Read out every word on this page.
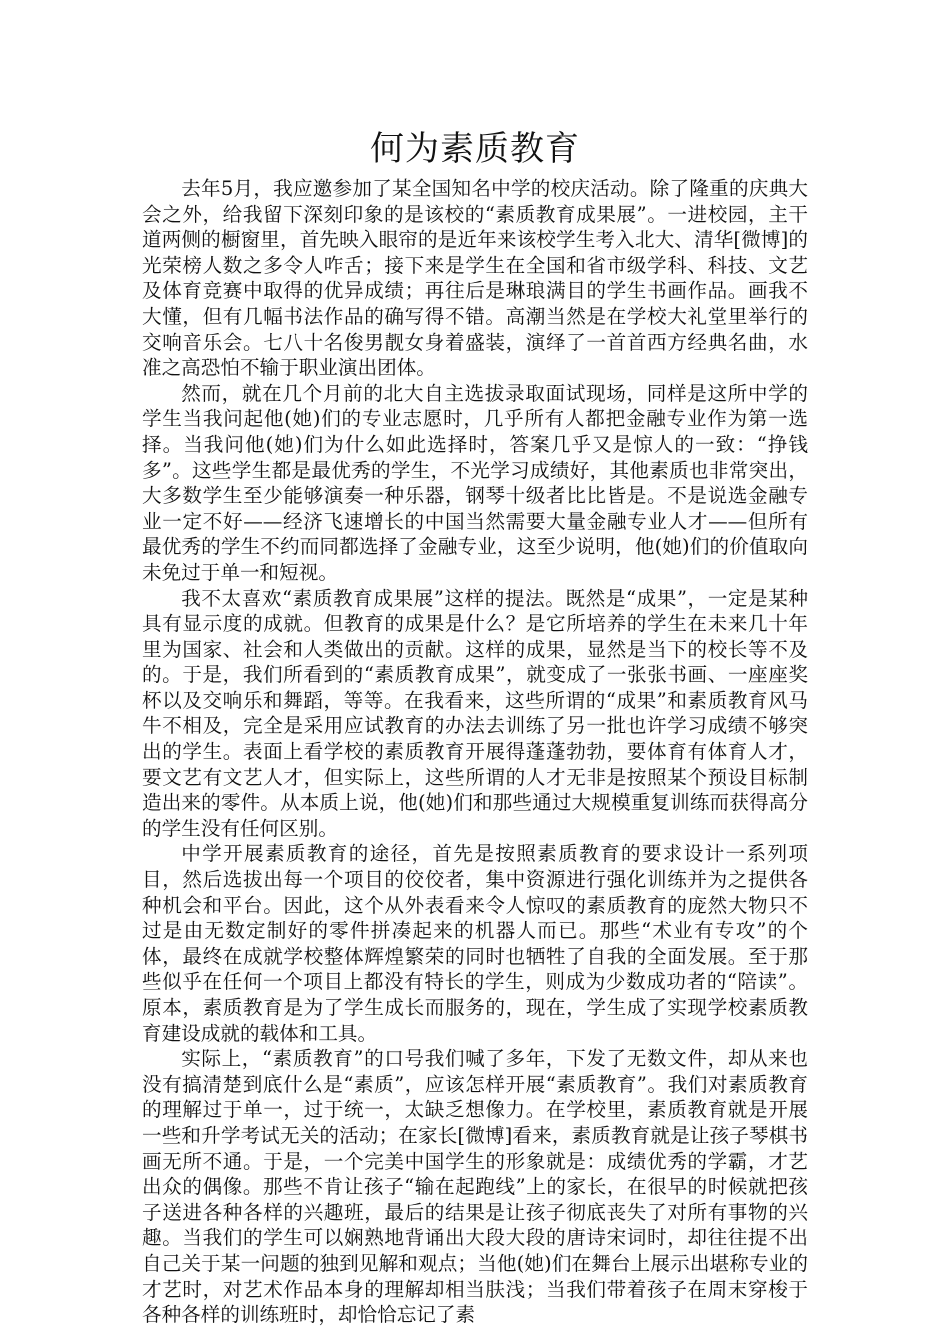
何为素质教育

去年5月，我应邀参加了某全国知名中学的校庆活动。除了隆重的庆典大会之外，给我留下深刻印象的是该校的“素质教育成果展”。一进校园，主干道两侧的橱窗里，首先映入眼帘的是近年来该校学生考入北大、清华[微博]的光荣榜人数之多令人咋舌；接下来是学生在全国和省市级学科、科技、文艺及体育竞赛中取得的优异成绩；再往后是琳琅满目的学生书画作品。画我不大懂，但有几幅书法作品的确写得不错。高潮当然是在学校大礼堂里举行的交响音乐会。七八十名俊男靓女身着盛装，演绎了一首首西方经典名曲，水准之高恐怕不输于职业演出团体。

然而，就在几个月前的北大自主选拔录取面试现场，同样是这所中学的学生当我问起他(她)们的专业志愿时，几乎所有人都把金融专业作为第一选择。当我问他(她)们为什么如此选择时，答案几乎又是惊人的一致：“挣钱多”。这些学生都是最优秀的学生，不光学习成绩好，其他素质也非常突出，大多数学生至少能够演奏一种乐器，钢琴十级者比比皆是。不是说选金融专业一定不好——经济飞速增长的中国当然需要大量金融专业人才——但所有最优秀的学生不约而同都选择了金融专业，这至少说明，他(她)们的价值取向未免过于单一和短视。

我不太喜欢“素质教育成果展”这样的提法。既然是“成果”，一定是某种具有显示度的成就。但教育的成果是什么？是它所培养的学生在未来几十年里为国家、社会和人类做出的贡献。这样的成果，显然是当下的校长等不及的。于是，我们所看到的“素质教育成果”，就变成了一张张书画、一座座奖杯以及交响乐和舞蹈，等等。在我看来，这些所谓的“成果”和素质教育风马牛不相及，完全是采用应试教育的办法去训练了另一批也许学习成绩不够突出的学生。表面上看学校的素质教育开展得蓬蓬勃勃，要体育有体育人才，要文艺有文艺人才，但实际上，这些所谓的人才无非是按照某个预设目标制造出来的零件。从本质上说，他(她)们和那些通过大规模重复训练而获得高分的学生没有任何区别。

中学开展素质教育的途径，首先是按照素质教育的要求设计一系列项目，然后选拔出每一个项目的佼佼者，集中资源进行强化训练并为之提供各种机会和平台。因此，这个从外表看来令人惊叹的素质教育的庞然大物只不过是由无数定制好的零件拼凑起来的机器人而已。那些“术业有专攻”的个体，最终在成就学校整体辉煌繁荣的同时也牺牲了自我的全面发展。至于那些似乎在任何一个项目上都没有特长的学生，则成为少数成功者的“陪读”。原本，素质教育是为了学生成长而服务的，现在，学生成了实现学校素质教育建设成就的载体和工具。

实际上，“素质教育”的口号我们喊了多年，下发了无数文件，却从来也没有搞清楚到底什么是“素质”，应该怎样开展“素质教育”。我们对素质教育的理解过于单一，过于统一，太缺乏想像力。在学校里，素质教育就是开展一些和升学考试无关的活动；在家长[微博]看来，素质教育就是让孩子琴棋书画无所不通。于是，一个完美中国学生的形象就是：成绩优秀的学霸，才艺出众的偶像。那些不肯让孩子“输在起跑线”上的家长，在很早的时候就把孩子送进各种各样的兴趣班，最后的结果是让孩子彻底丧失了对所有事物的兴趣。当我们的学生可以娴熟地背诵出大段大段的唐诗宋词时，却往往提不出自己关于某一问题的独到见解和观点；当他(她)们在舞台上展示出堪称专业的才艺时，对艺术作品本身的理解却相当肤浅；当我们带着孩子在周末穿梭于各种各样的训练班时，却恰恰忘记了素
